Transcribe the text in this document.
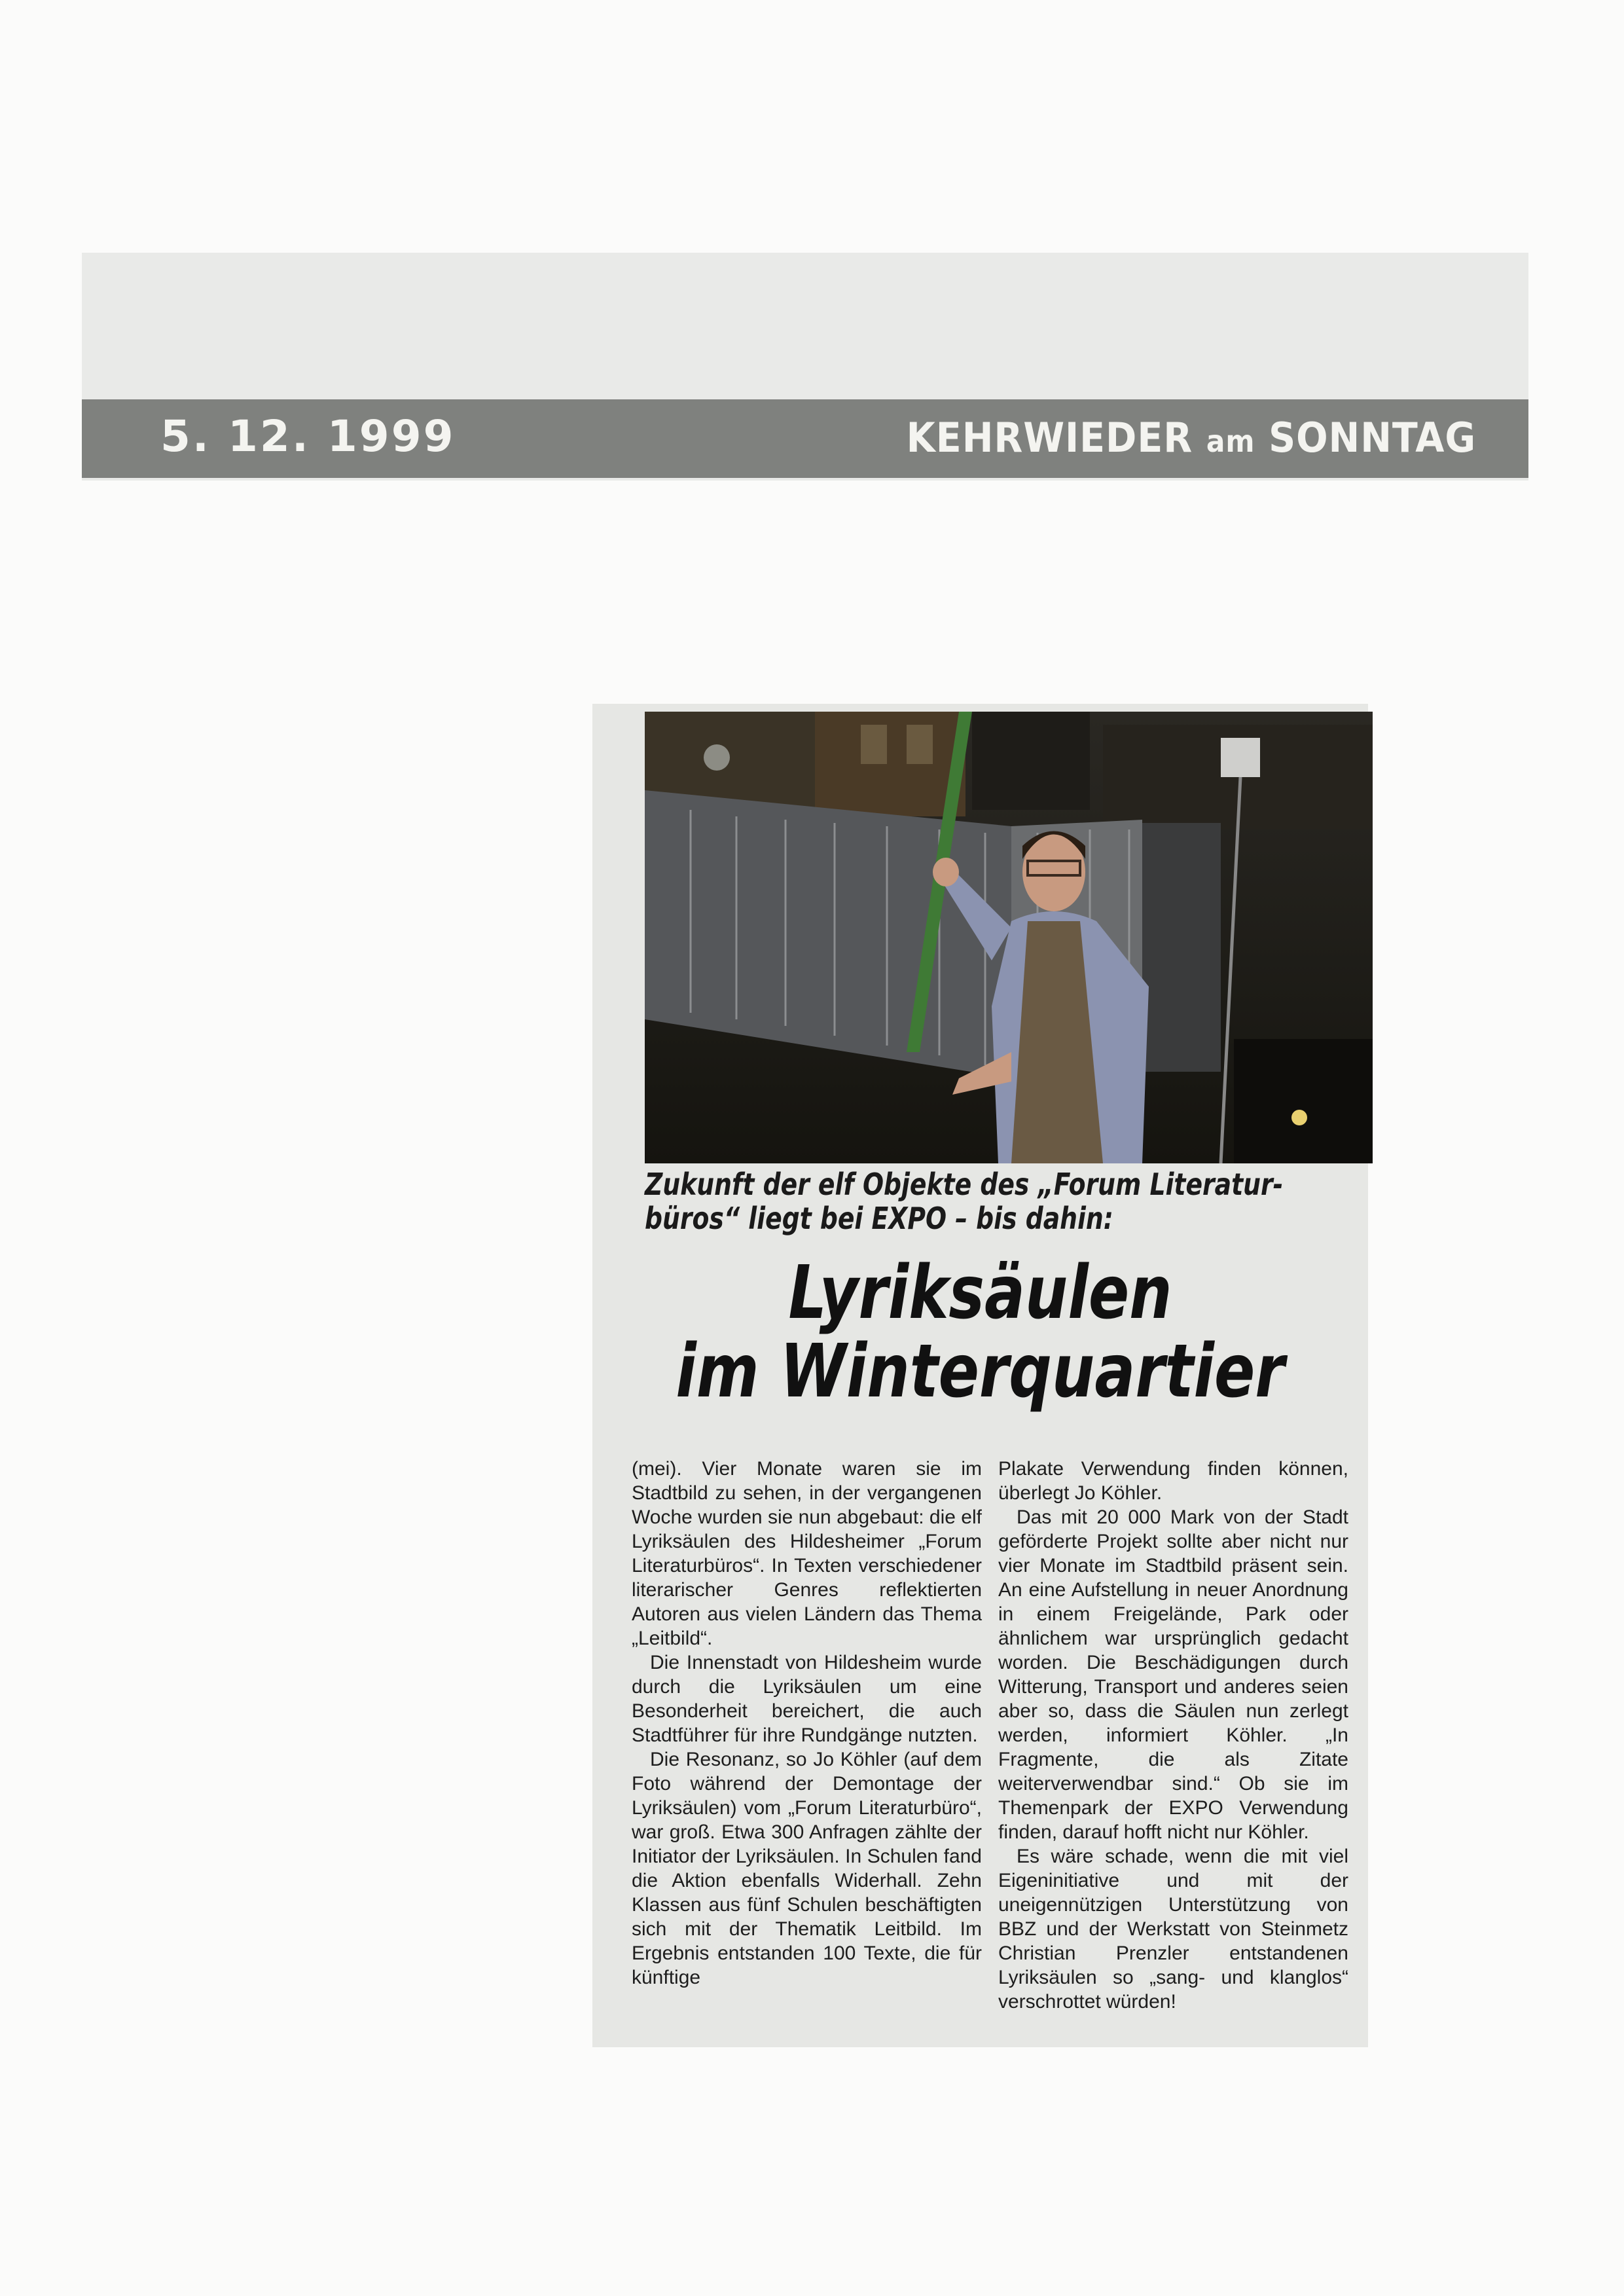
5. 12. 1999	KEHRWIEDER am SONNTAG
Zukunft der elf Objekte des „Forum Literatur-
büros“ liegt bei EXPO – bis dahin:
Lyriksäulen
im Winterquartier

(mei). Vier Monate waren sie im Stadtbild zu sehen, in der vergangenen Woche wurden sie nun abgebaut: die elf Lyriksäulen des Hildesheimer „Forum Literaturbüros“. In Texten verschiedener literarischer Genres reflektierten Autoren aus vielen Ländern das Thema „Leitbild“.

Die Innenstadt von Hildesheim wurde durch die Lyriksäulen um eine Besonderheit bereichert, die auch Stadtführer für ihre Rundgänge nutzten.

Die Resonanz, so Jo Köhler (auf dem Foto während der Demontage der Lyriksäulen) vom „Forum Literaturbüro“, war groß. Etwa 300 Anfragen zählte der Initiator der Lyriksäulen. In Schulen fand die Aktion ebenfalls Widerhall. Zehn Klassen aus fünf Schulen beschäftigten sich mit der Thematik Leitbild. Im Ergebnis entstanden 100 Texte, die für künftige

Plakate Verwendung finden können, überlegt Jo Köhler.

Das mit 20 000 Mark von der Stadt geförderte Projekt sollte aber nicht nur vier Monate im Stadtbild präsent sein. An eine Aufstellung in neuer Anordnung in einem Freigelände, Park oder ähnlichem war ursprünglich gedacht worden. Die Beschädigungen durch Witterung, Transport und anderes seien aber so, dass die Säulen nun zerlegt werden, informiert Köhler. „In Fragmente, die als Zitate weiterverwendbar sind.“ Ob sie im Themenpark der EXPO Verwendung finden, darauf hofft nicht nur Köhler.

Es wäre schade, wenn die mit viel Eigeninitiative und mit der uneigennützigen Unterstützung von BBZ und der Werkstatt von Steinmetz Christian Prenzler entstandenen Lyriksäulen so „sang- und klanglos“ verschrottet würden!
